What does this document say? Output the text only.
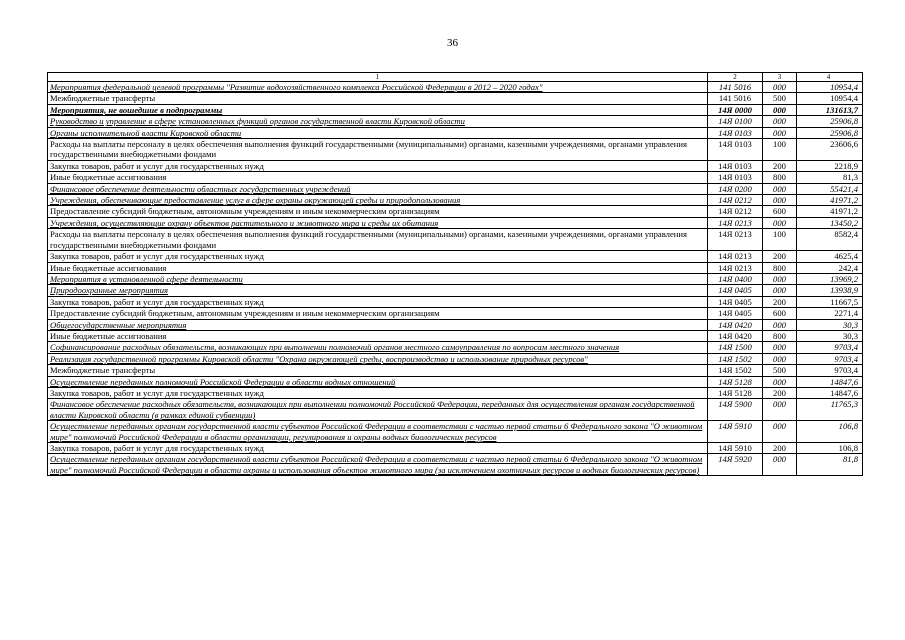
36
1	2	3	4
Мероприятия федеральной целевой программы "Развитие водохозяйственного комплекса Российской Федерации в 2012 – 2020 годах"	141 5016	000	10954,4
Межбюджетные трансферты	141 5016	500	10954,4
Мероприятия, не вошедшие в подпрограммы	14Я 0000	000	131613,7
Руководство и управление в сфере установленных функций органов государственной власти Кировской области	14Я 0100	000	25906,8
Органы исполнительной власти Кировской области	14Я 0103	000	25906,8
Расходы на выплаты персоналу в целях обеспечения выполнения функций государственными (муниципальными) органами, казенными учреждениями, органами управления государственными внебюджетными фондами	14Я 0103	100	23606,6
Закупка товаров, работ и услуг для государственных нужд	14Я 0103	200	2218,9
Иные бюджетные ассигнования	14Я 0103	800	81,3
Финансовое обеспечение деятельности областных государственных учреждений	14Я 0200	000	55421,4
Учреждения, обеспечивающие предоставление услуг в сфере охраны окружающей среды и природопользования	14Я 0212	000	41971,2
Предоставление субсидий бюджетным, автономным учреждениям и иным некоммерческим организациям	14Я 0212	600	41971,2
Учреждения, осуществляющие охрану объектов растительного и животного мира и среды их обитания	14Я 0213	000	13450,2
Расходы на выплаты персоналу в целях обеспечения выполнения функций государственными (муниципальными) органами, казенными учреждениями, органами управления государственными внебюджетными фондами	14Я 0213	100	8582,4
Закупка товаров, работ и услуг для государственных нужд	14Я 0213	200	4625,4
Иные бюджетные ассигнования	14Я 0213	800	242,4
Мероприятия в установленной сфере деятельности	14Я 0400	000	13969,2
Природоохранные мероприятия	14Я 0405	000	13938,9
Закупка товаров, работ и услуг для государственных нужд	14Я 0405	200	11667,5
Предоставление субсидий бюджетным, автономным учреждениям и иным некоммерческим организациям	14Я 0405	600	2271,4
Общегосударственные мероприятия	14Я 0420	000	30,3
Иные бюджетные ассигнования	14Я 0420	800	30,3
Софинансирование расходных обязательств, возникающих при выполнении полномочий органов местного самоуправления по вопросам местного значения	14Я 1500	000	9703,4
Реализация государственной программы Кировской области "Охрана окружающей среды, воспроизводство и использование природных ресурсов"	14Я 1502	000	9703,4
Межбюджетные трансферты	14Я 1502	500	9703,4
Осуществление переданных полномочий Российской Федерации в области водных отношений	14Я 5128	000	14847,6
Закупка товаров, работ и услуг для государственных нужд	14Я 5128	200	14847,6
Финансовое обеспечение расходных обязательств, возникающих при выполнении полномочий Российской Федерации, переданных для осуществления органам государственной власти Кировской области (в рамках единой субвенции)	14Я 5900	000	11765,3
Осуществление переданных органам государственной власти субъектов Российской Федерации в соответствии с частью первой статьи 6 Федерального закона "О животном мире" полномочий Российской Федерации в области организации, регулирования и охраны водных биологических ресурсов	14Я 5910	000	106,8
Закупка товаров, работ и услуг для государственных нужд	14Я 5910	200	106,8
Осуществление переданных органам государственной власти субъектов Российской Федерации в соответствии с частью первой статьи 6 Федерального закона "О животном мире" полномочий Российской Федерации в области охраны и использования объектов животного мира (за исключением охотничьих ресурсов и водных биологических ресурсов)	14Я 5920	000	81,8
